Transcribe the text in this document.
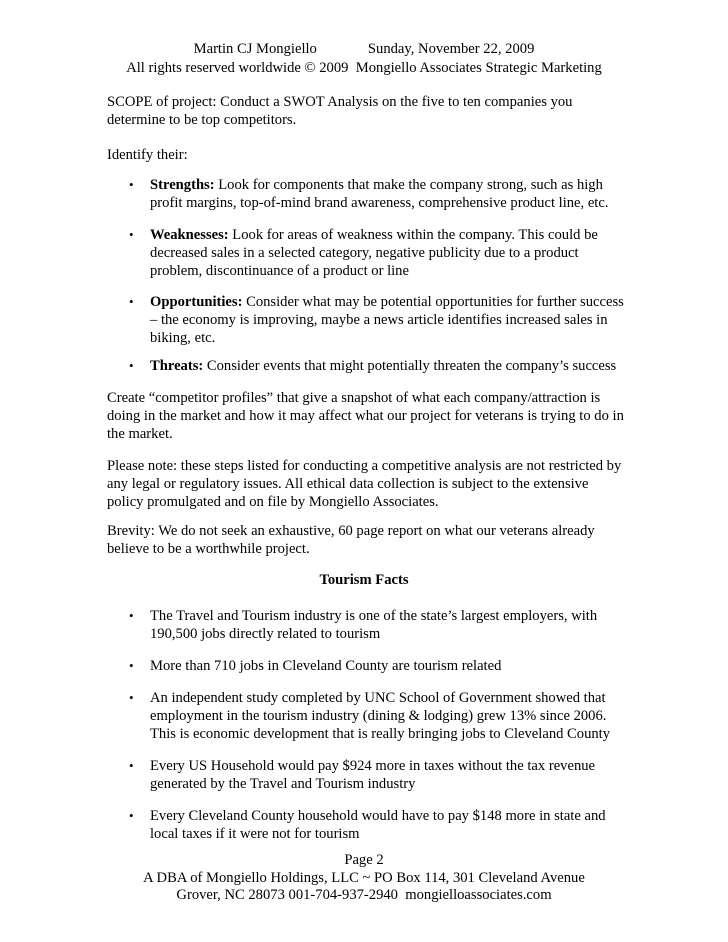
Martin CJ Mongiello              Sunday, November 22, 2009
All rights reserved worldwide © 2009  Mongiello Associates Strategic Marketing
SCOPE of project: Conduct a SWOT Analysis on the five to ten companies you determine to be top competitors.
Identify their:
• Strengths: Look for components that make the company strong, such as high profit margins, top-of-mind brand awareness, comprehensive product line, etc.
• Weaknesses: Look for areas of weakness within the company. This could be decreased sales in a selected category, negative publicity due to a product problem, discontinuance of a product or line
• Opportunities: Consider what may be potential opportunities for further success – the economy is improving, maybe a news article identifies increased sales in biking, etc.
• Threats: Consider events that might potentially threaten the company’s success
Create “competitor profiles” that give a snapshot of what each company/attraction is doing in the market and how it may affect what our project for veterans is trying to do in the market.
Please note: these steps listed for conducting a competitive analysis are not restricted by any legal or regulatory issues. All ethical data collection is subject to the extensive policy promulgated and on file by Mongiello Associates.
Brevity: We do not seek an exhaustive, 60 page report on what our veterans already believe to be a worthwhile project.
Tourism Facts
• The Travel and Tourism industry is one of the state’s largest employers, with 190,500 jobs directly related to tourism
• More than 710 jobs in Cleveland County are tourism related
• An independent study completed by UNC School of Government showed that employment in the tourism industry (dining & lodging) grew 13% since 2006. This is economic development that is really bringing jobs to Cleveland County
• Every US Household would pay $924 more in taxes without the tax revenue generated by the Travel and Tourism industry
• Every Cleveland County household would have to pay $148 more in state and local taxes if it were not for tourism
Page 2
A DBA of Mongiello Holdings, LLC ~ PO Box 114, 301 Cleveland Avenue
Grover, NC 28073 001-704-937-2940  mongielloassociates.com
